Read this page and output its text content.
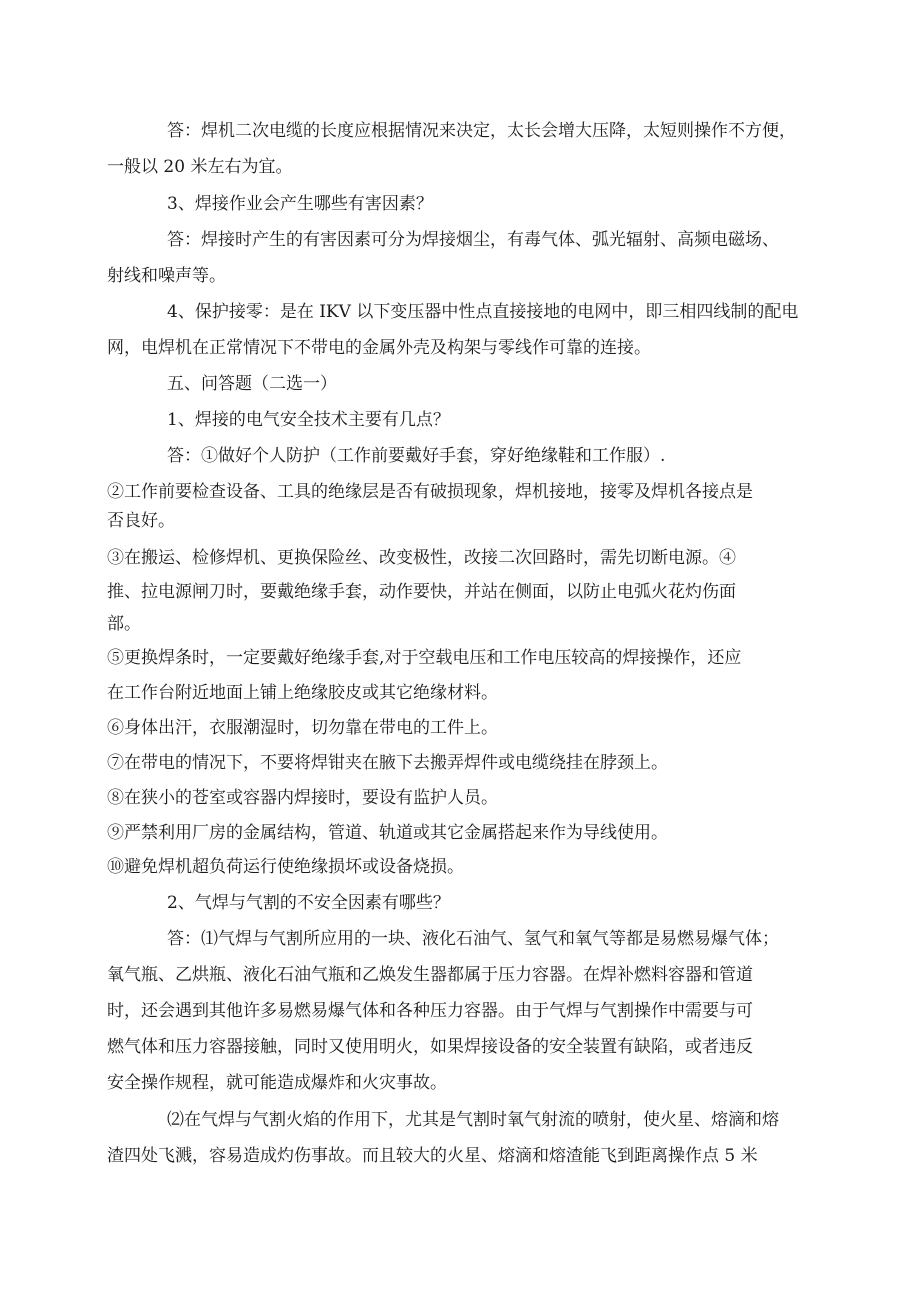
答：焊机二次电缆的长度应根据情况来决定，太长会增大压降，太短则操作不方便，
一般以 20 米左右为宜。
3、焊接作业会产生哪些有害因素？
答：焊接时产生的有害因素可分为焊接烟尘，有毒气体、弧光辐射、高频电磁场、
射线和噪声等。
4、保护接零：是在 IKV 以下变压器中性点直接接地的电网中，即三相四线制的配电
网，电焊机在正常情况下不带电的金属外壳及构架与零线作可靠的连接。
五、问答题（二选一）
1、焊接的电气安全技术主要有几点？
答：①做好个人防护（工作前要戴好手套，穿好绝缘鞋和工作服）.
②工作前要检查设备、工具的绝缘层是否有破损现象，焊机接地，接零及焊机各接点是
否良好。
③在搬运、检修焊机、更换保险丝、改变极性，改接二次回路时，需先切断电源。④
推、拉电源闸刀时，要戴绝缘手套，动作要快，并站在侧面，以防止电弧火花灼伤面
部。
⑤更换焊条时，一定要戴好绝缘手套,对于空载电压和工作电压较高的焊接操作，还应
在工作台附近地面上铺上绝缘胶皮或其它绝缘材料。
⑥身体出汗，衣服潮湿时，切勿靠在带电的工件上。
⑦在带电的情况下，不要将焊钳夹在腋下去搬弄焊件或电缆绕挂在脖颈上。
⑧在狭小的苍室或容器内焊接时，要设有监护人员。
⑨严禁利用厂房的金属结构，管道、轨道或其它金属搭起来作为导线使用。
⑩避免焊机超负荷运行使绝缘损坏或设备烧损。
2、气焊与气割的不安全因素有哪些？
答：⑴气焊与气割所应用的一块、液化石油气、氢气和氧气等都是易燃易爆气体；
氧气瓶、乙烘瓶、液化石油气瓶和乙焕发生器都属于压力容器。在焊补燃料容器和管道
时，还会遇到其他许多易燃易爆气体和各种压力容器。由于气焊与气割操作中需要与可
燃气体和压力容器接触，同时又使用明火，如果焊接设备的安全装置有缺陷，或者违反
安全操作规程，就可能造成爆炸和火灾事故。
⑵在气焊与气割火焰的作用下，尤其是气割时氧气射流的喷射，使火星、熔滴和熔
渣四处飞溅，容易造成灼伤事故。而且较大的火星、熔滴和熔渣能飞到距离操作点 5 米
